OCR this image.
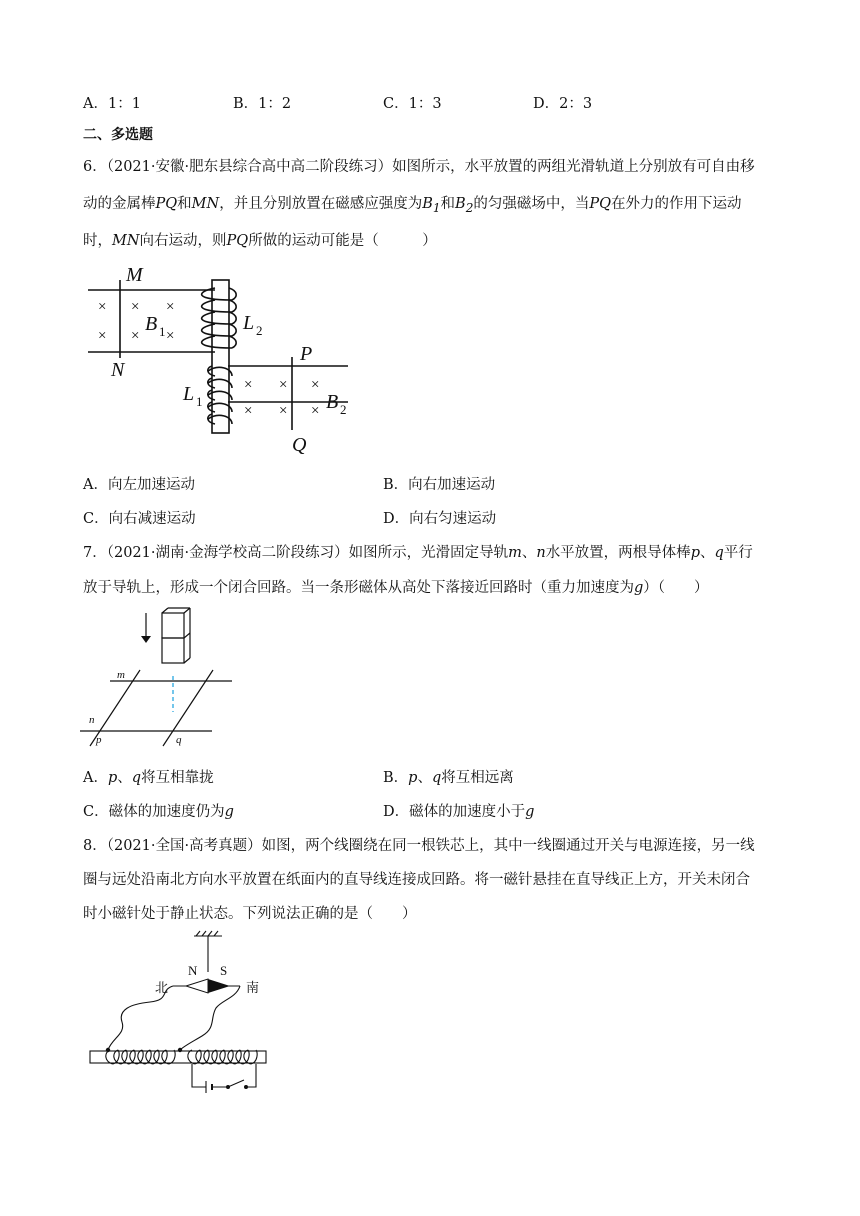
A．1：1	B．1：2	C．1：3	D．2：3
二、多选题
6．（2021·安徽·肥东县综合高中高二阶段练习）如图所示，水平放置的两组光滑轨道上分别放有可自由移
动的金属棒PQ和MN，并且分别放置在磁感应强度为$B_1$和$B_2$的匀强磁场中，当PQ在外力的作用下运动
时，MN向右运动，则PQ所做的运动可能是（　　　）
×
×
×
×
×
×
×
×
×
×
×
×
M
N
P
Q
B
B
L
L
1
2
2
1
A．向左加速运动	B．向右加速运动
C．向右减速运动	D．向右匀速运动
7．（2021·湖南·金海学校高二阶段练习）如图所示，光滑固定导轨m、n水平放置，两根导体棒p、q平行
放于导轨上，形成一个闭合回路。当一条形磁体从高处下落接近回路时（重力加速度为g）（　　）
m
n
p	q
A．p、q将互相靠拢	B．p、q将互相远离
C．磁体的加速度仍为g	D．磁体的加速度小于g
8．（2021·全国·高考真题）如图，两个线圈绕在同一根铁芯上，其中一线圈通过开关与电源连接，另一线
圈与远处沿南北方向水平放置在纸面内的直导线连接成回路。将一磁针悬挂在直导线正上方，开关未闭合
时小磁针处于静止状态。下列说法正确的是（　　）
N S
北	南
